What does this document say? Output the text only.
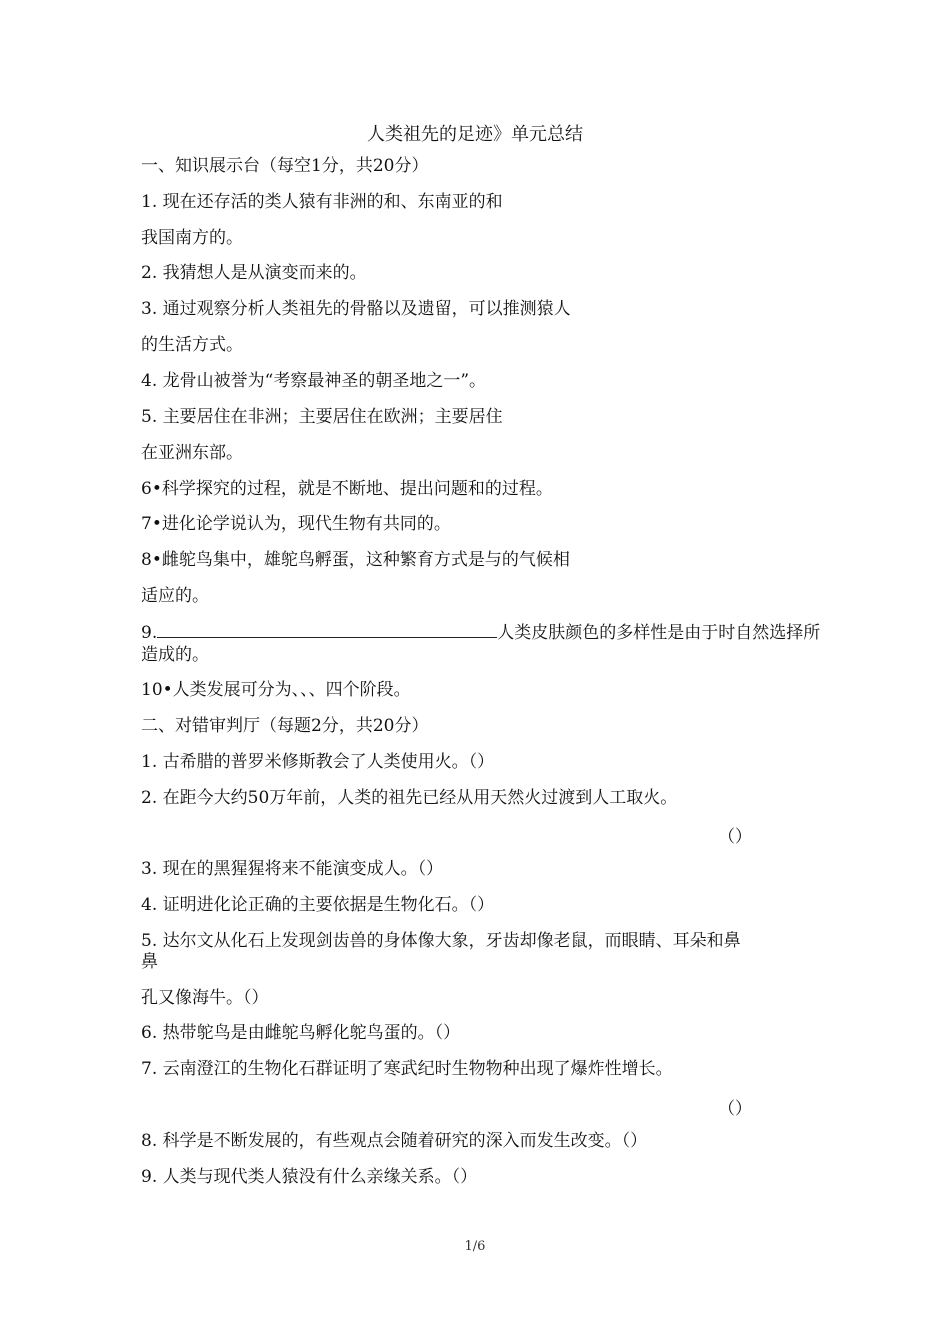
人类祖先的足迹》单元总结
一、知识展示台（每空1分，共20分）
1. 现在还存活的类人猿有非洲的和、东南亚的和
我国南方的。
2. 我猜想人是从演变而来的。
3. 通过观察分析人类祖先的骨骼以及遗留，可以推测猿人
的生活方式。
4. 龙骨山被誉为“考察最神圣的朝圣地之一”。
5. 主要居住在非洲；主要居住在欧洲；主要居住
在亚洲东部。
6•科学探究的过程，就是不断地、提出问题和的过程。
7•进化论学说认为，现代生物有共同的。
8•雌鸵鸟集中，雄鸵鸟孵蛋，这种繁育方式是与的气候相
适应的。
9.	人类皮肤颜色的多样性是由于时自然选择所造成的。
10•人类发展可分为、、、四个阶段。
二、对错审判厅（每题2分，共20分）
1. 古希腊的普罗米修斯教会了人类使用火。（）
2. 在距今大约50万年前，人类的祖先已经从用天然火过渡到人工取火。
（）
3. 现在的黑猩猩将来不能演变成人。（）
4. 证明进化论正确的主要依据是生物化石。（）
5. 达尔文从化石上发现剑齿兽的身体像大象，牙齿却像老鼠，而眼睛、耳朵和鼻
鼻
孔又像海牛。（）
6. 热带鸵鸟是由雌鸵鸟孵化鸵鸟蛋的。（）
7. 云南澄江的生物化石群证明了寒武纪时生物物种出现了爆炸性增长。
（）
8. 科学是不断发展的，有些观点会随着研究的深入而发生改变。（）
9. 人类与现代类人猿没有什么亲缘关系。（）
1/6
